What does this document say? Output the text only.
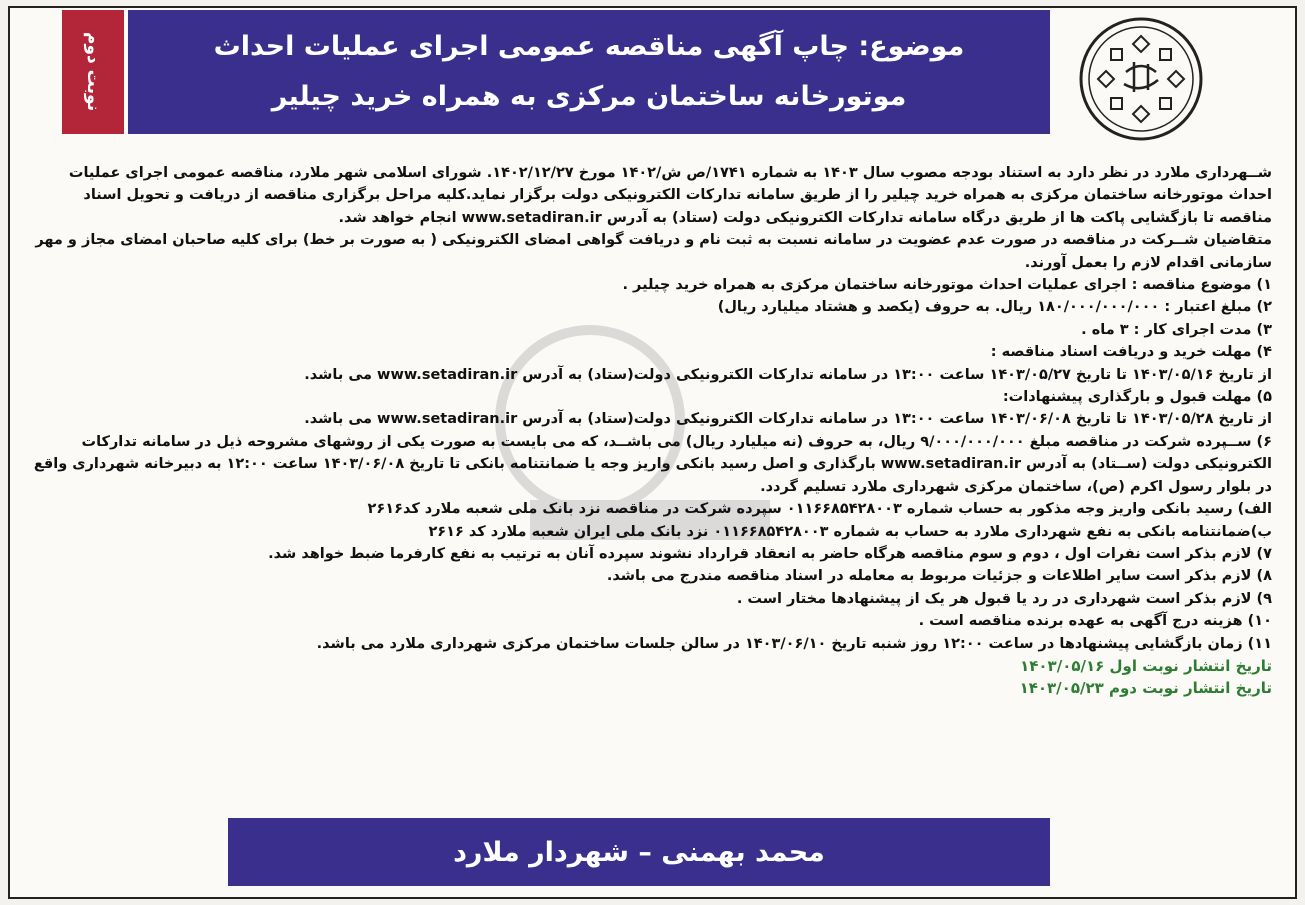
نوبت دوم	موضوع: چاپ آگهی مناقصه عمومی اجرای عملیات احداث
موتورخانه ساختمان مرکزی به همراه خرید چیلیر

شــهرداری ملارد در نظر دارد به استناد بودجه مصوب سال ۱۴۰۳ به شماره ۱۷۴۱/ص ش/۱۴۰۲ مورخ ۱۴۰۲/۱۲/۲۷. شورای اسلامی شهر ملارد، مناقصه عمومی اجرای عملیات احداث موتورخانه ساختمان مرکزی به همراه خرید چیلیر را از طریق سامانه تدارکات الکترونیکی دولت برگزار نماید.کلیه مراحل برگزاری مناقصه از دریافت و تحویل اسناد مناقصه تا بازگشایی پاکت ها از طریق درگاه سامانه تدارکات الکترونیکی دولت (ستاد) به آدرس www.setadiran.ir انجام خواهد شد.

متقاضیان شــرکت در مناقصه در صورت عدم عضویت در سامانه نسبت به ثبت نام و دریافت گواهی امضای الکترونیکی ( به صورت بر خط) برای کلیه صاحبان امضای مجاز و مهر سازمانی اقدام لازم را بعمل آورند.

۱) موضوع مناقصه : اجرای عملیات احداث موتورخانه ساختمان مرکزی به همراه خرید چیلیر .

۲) مبلغ اعتبار : ۱۸۰/۰۰۰/۰۰۰/۰۰۰ ریال. به حروف (یکصد و هشتاد میلیارد ریال)

۳) مدت اجرای کار : ۳ ماه .

۴) مهلت خرید و دریافت اسناد مناقصه :

از تاریخ ۱۴۰۳/۰۵/۱۶ تا تاریخ ۱۴۰۳/۰۵/۲۷ ساعت ۱۳:۰۰ در سامانه تدارکات الکترونیکی دولت(ستاد) به آدرس www.setadiran.ir می باشد.

۵) مهلت قبول و بارگذاری پیشنهادات:

از تاریخ ۱۴۰۳/۰۵/۲۸ تا تاریخ ۱۴۰۳/۰۶/۰۸ ساعت ۱۳:۰۰ در سامانه تدارکات الکترونیکی دولت(ستاد) به آدرس www.setadiran.ir می باشد.

۶) ســپرده شرکت در مناقصه مبلغ ۹/۰۰۰/۰۰۰/۰۰۰ ریال، به حروف (نه میلیارد ریال) می باشــد، که می بایست به صورت یکی از روشهای مشروحه ذیل در سامانه تدارکات الکترونیکی دولت (ســتاد) به آدرس www.setadiran.ir بارگذاری و اصل رسید بانکی واریز وجه یا ضمانتنامه بانکی تا تاریخ ۱۴۰۳/۰۶/۰۸ ساعت ۱۲:۰۰ به دبیرخانه شهرداری واقع در بلوار رسول اکرم (ص)، ساختمان مرکزی شهرداری ملارد تسلیم گردد.

الف) رسید بانکی واریز وجه مذکور به حساب شماره ۰۱۱۶۶۸۵۴۲۸۰۰۳ سپرده شرکت در مناقصه نزد بانک ملی شعبه ملارد کد۲۶۱۶

ب)ضمانتنامه بانکی به نفع شهرداری ملارد به حساب به شماره ۰۱۱۶۶۸۵۴۲۸۰۰۳ نزد بانک ملی ایران شعبه ملارد کد ۲۶۱۶

۷) لازم بذکر است نفرات اول ، دوم و سوم مناقصه هرگاه حاضر به انعقاد قرارداد نشوند سپرده آنان به ترتیب به نفع کارفرما ضبط خواهد شد.

۸) لازم بذکر است سایر اطلاعات و جزئیات مربوط به معامله در اسناد مناقصه مندرج می باشد.

۹) لازم بذکر است شهرداری در رد یا قبول هر یک از پیشنهادها مختار است .

۱۰) هزینه درج آگهی به عهده برنده مناقصه است .

۱۱) زمان بازگشایی پیشنهادها در ساعت ۱۲:۰۰ روز شنبه تاریخ ۱۴۰۳/۰۶/۱۰ در سالن جلسات ساختمان مرکزی شهرداری ملارد می باشد.

تاریخ انتشار نوبت اول ۱۴۰۳/۰۵/۱۶

تاریخ انتشار نوبت دوم ۱۴۰۳/۰۵/۲۳

محمد بهمنی – شهردار ملارد
